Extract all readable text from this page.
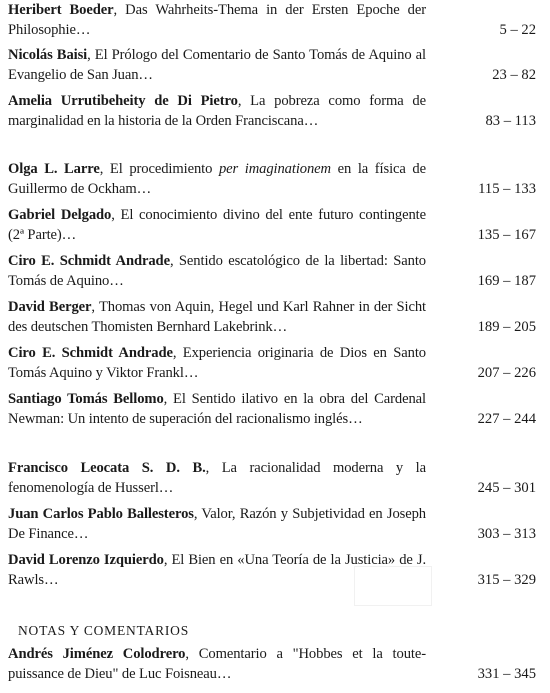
Heribert Boeder, Das Wahrheits-Thema in der Ersten Epoche der Philosophie…	5 – 22
Nicolás Baisi, El Prólogo del Comentario de Santo Tomás de Aquino al Evangelio de San Juan…	23 – 82
Amelia Urrutibeheity de Di Pietro, La pobreza como forma de marginalidad en la historia de la Orden Franciscana…	83 – 113
Olga L. Larre, El procedimiento per imaginationem en la física de Guillermo de Ockham…	115 – 133
Gabriel Delgado, El conocimiento divino del ente futuro contingente (2ª Parte)…	135 – 167
Ciro E. Schmidt Andrade, Sentido escatológico de la libertad: Santo Tomás de Aquino…	169 – 187
David Berger, Thomas von Aquin, Hegel und Karl Rahner in der Sicht des deutschen Thomisten Bernhard Lakebrink…	189 – 205
Ciro E. Schmidt Andrade, Experiencia originaria de Dios en Santo Tomás Aquino y Viktor Frankl…	207 – 226
Santiago Tomás Bellomo, El Sentido ilativo en la obra del Cardenal Newman: Un intento de superación del racionalismo inglés…	227 – 244
Francisco Leocata S. D. B., La racionalidad moderna y la fenomenología de Husserl…	245 – 301
Juan Carlos Pablo Ballesteros, Valor, Razón y Subjetividad en Joseph De Finance…	303 – 313
David Lorenzo Izquierdo, El Bien en «Una Teoría de la Justicia» de J. Rawls…	315 – 329
NOTAS Y COMENTARIOS
Andrés Jiménez Colodrero, Comentario a "Hobbes et la toute-puissance de Dieu" de Luc Foisneau…	331 – 345
